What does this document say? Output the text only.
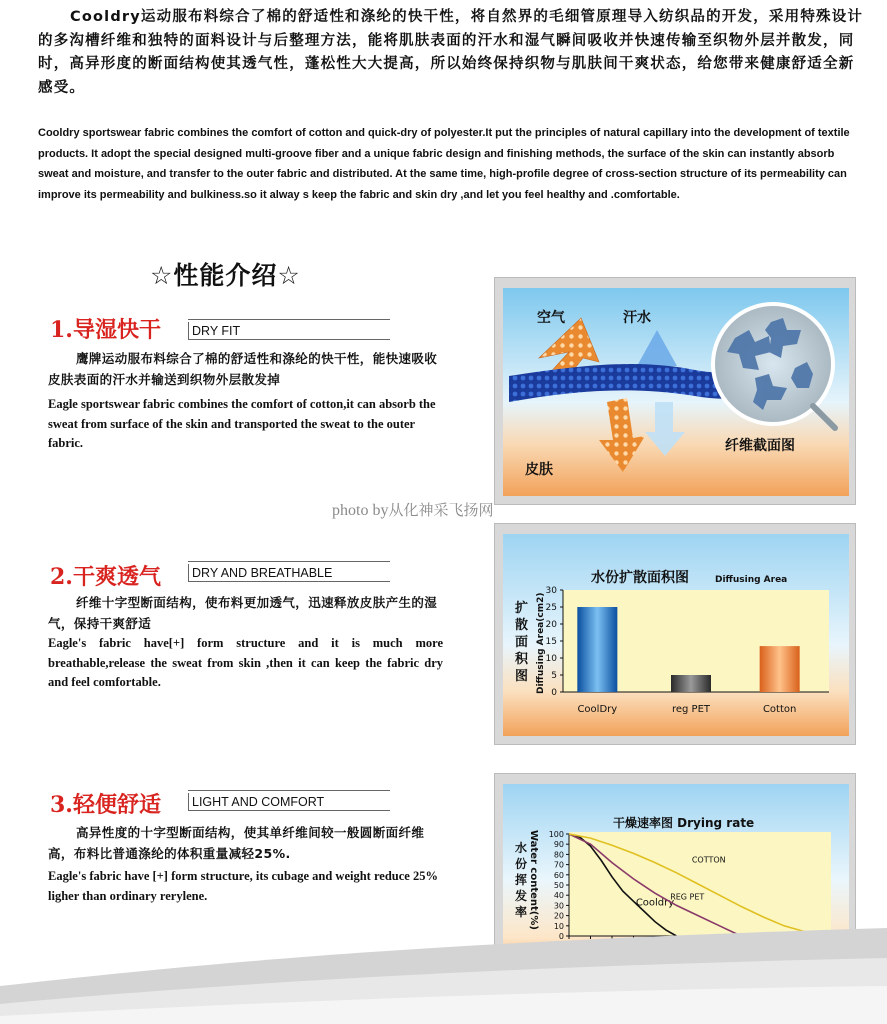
Cooldry运动服布料综合了棉的舒适性和涤纶的快干性，将自然界的毛细管原理导入纺织品的开发，采用特殊设计的多沟槽纤维和独特的面料设计与后整理方法，能将肌肤表面的汗水和湿气瞬间吸收并快速传输至织物外层并散发，同时，高异形度的断面结构使其透气性，蓬松性大大提高，所以始终保持织物与肌肤间干爽状态，给您带来健康舒适全新感受。
Cooldry sportswear fabric combines the comfort of cotton and quick-dry of polyester.It put the principles of natural capillary into the development of textile products. It adopt the special designed multi-groove fiber and a unique fabric design and finishing methods, the surface of the skin can instantly absorb sweat and moisture, and transfer to the outer fabric and distributed. At the same time, high-profile degree of cross-section structure of its permeability can improve its permeability and bulkiness.so it alway s keep the fabric and skin dry ,and let you feel healthy and .comfortable.
☆性能介绍☆
1.导湿快干	DRY FIT
鹰牌运动服布料综合了棉的舒适性和涤纶的快干性，能快速吸收皮肤表面的汗水并输送到织物外层散发掉
Eagle sportswear fabric combines the comfort of cotton,it can absorb the sweat from surface of the skin and transported the sweat to the outer fabric.
2.干爽透气	DRY AND BREATHABLE
纤维十字型断面结构，使布料更加透气，迅速释放皮肤产生的湿气，保持干爽舒适
Eagle's fabric have[+] form structure and it is much more breathable,release the sweat from skin ,then it can keep the fabric dry and feel comfortable.
3.轻便舒适	LIGHT AND COMFORT
高异性度的十字型断面结构，使其单纤维间较一般圆断面纤维高，布料比普通涤纶的体积重量减轻25%.
Eagle's fabric have [+] form structure, its cubage and weight reduce 25% ligher than ordinary rerylene.
photo by从化神采飞扬网
空气	汗水
皮肤
纤维截面图
水份扩散面积图	Diffusing Area
扩
散
面
积
图 Diffusing Area(cm2) 0
5
10
15
20
25
30
CoolDry	reg PET	Cotton
干燥速率图 Drying rate
水
份
挥
发
率 Water content(%)
0
10
20
30
40
50
60
70
80
90
100
Cooldry
REG PET
COTTON
